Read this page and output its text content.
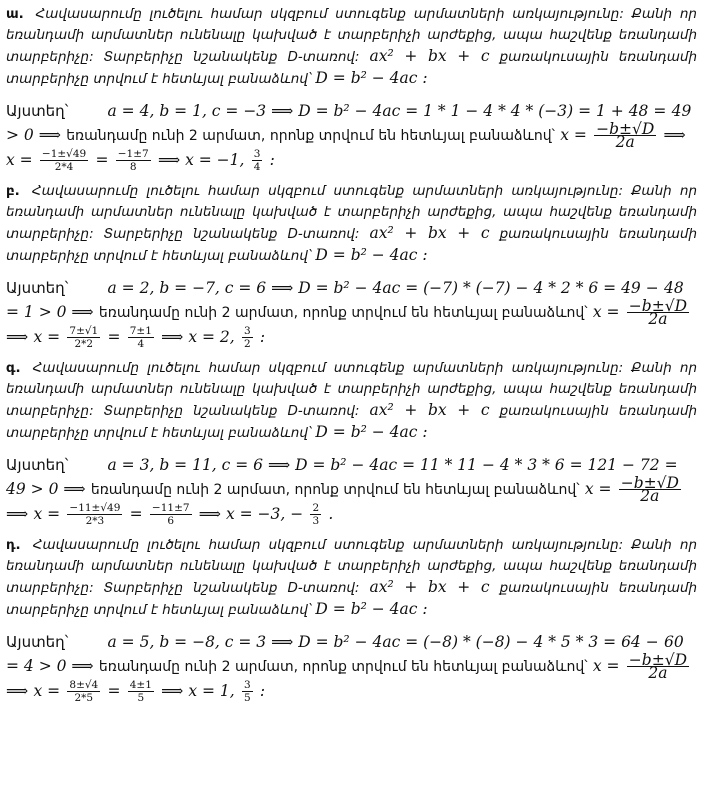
ա. Հավասարումը լուծելու համար սկզբում ստուգենք արմատների առկայությունը: Քանի որ եռանդամի արմատներ ունենալը կախված է տարբերիչի արժեքից, ապա հաշվենք եռանդամի տարբերիչը: Տարբերիչը նշանակենք D-տառով: ax² + bx + c քառակուսային եռանդամի տարբերիչը տրվում է հետևյալ բանաձևով՝ D = b² − 4ac :

Այստեղ՝	a = 4, b = 1, c = −3 ⟹ D = b² − 4ac = 1 * 1 − 4 * 4 * (−3) = 1 + 48 = 49 > 0 ⟹ եռանդամը ունի 2 արմատ, որոնք տրվում են հետևյալ բանաձևով՝ $x = \frac{-b\pm√D}{2a}$ ⟹ $x = \frac{-1\pm√49}{2*4} = \frac{-1\pm 7}{8}$ ⟹ x = −1, $\frac{3}{4}$ :

բ. Հավասարումը լուծելու համար սկզբում ստուգենք արմատների առկայությունը: Քանի որ եռանդամի արմատներ ունենալը կախված է տարբերիչի արժեքից, ապա հաշվենք եռանդամի տարբերիչը: Տարբերիչը նշանակենք D-տառով: ax² + bx + c քառակուսային եռանդամի տարբերիչը տրվում է հետևյալ բանաձևով՝ D = b² − 4ac :

Այստեղ՝	a = 2, b = −7, c = 6 ⟹ D = b² − 4ac = (−7) * (−7) − 4 * 2 * 6 = 49 − 48 = 1 > 0 ⟹ եռանդամը ունի 2 արմատ, որոնք տրվում են հետևյալ բանաձևով՝ $x = \frac{-b\pm√D}{2a}$
⟹ $x = \frac{7\pm√1}{2*2} = \frac{7\pm 1}{4}$ ⟹ x = 2, $\frac{3}{2}$ :

գ. Հավասարումը լուծելու համար սկզբում ստուգենք արմատների առկայությունը: Քանի որ եռանդամի արմատներ ունենալը կախված է տարբերիչի արժեքից, ապա հաշվենք եռանդամի տարբերիչը: Տարբերիչը նշանակենք D-տառով: ax² + bx + c քառակուսային եռանդամի տարբերիչը տրվում է հետևյալ բանաձևով՝ D = b² − 4ac :

Այստեղ՝	a = 3, b = 11, c = 6 ⟹ D = b² − 4ac = 11 * 11 − 4 * 3 * 6 = 121 − 72 = 49 > 0 ⟹ եռանդամը ունի 2 արմատ, որոնք տրվում են հետևյալ բանաձևով՝ $x = \frac{-b\pm√D}{2a}$
⟹ $x = \frac{-11\pm√49}{2*3} = \frac{-11\pm 7}{6}$ ⟹ x = −3, − $\frac{2}{3}$ .

դ. Հավասարումը լուծելու համար սկզբում ստուգենք արմատների առկայությունը: Քանի որ եռանդամի արմատներ ունենալը կախված է տարբերիչի արժեքից, ապա հաշվենք եռանդամի տարբերիչը: Տարբերիչը նշանակենք D-տառով: ax² + bx + c քառակուսային եռանդամի տարբերիչը տրվում է հետևյալ բանաձևով՝ D = b² − 4ac :

Այստեղ՝	a = 5, b = −8, c = 3 ⟹ D = b² − 4ac = (−8) * (−8) − 4 * 5 * 3 = 64 − 60 = 4 > 0 ⟹ եռանդամը ունի 2 արմատ, որոնք տրվում են հետևյալ բանաձևով՝ $x = \frac{-b\pm√D}{2a}$
⟹ $x = \frac{8\pm√4}{2*5} = \frac{4\pm 1}{5}$ ⟹ x = 1, $\frac{3}{5}$ :
